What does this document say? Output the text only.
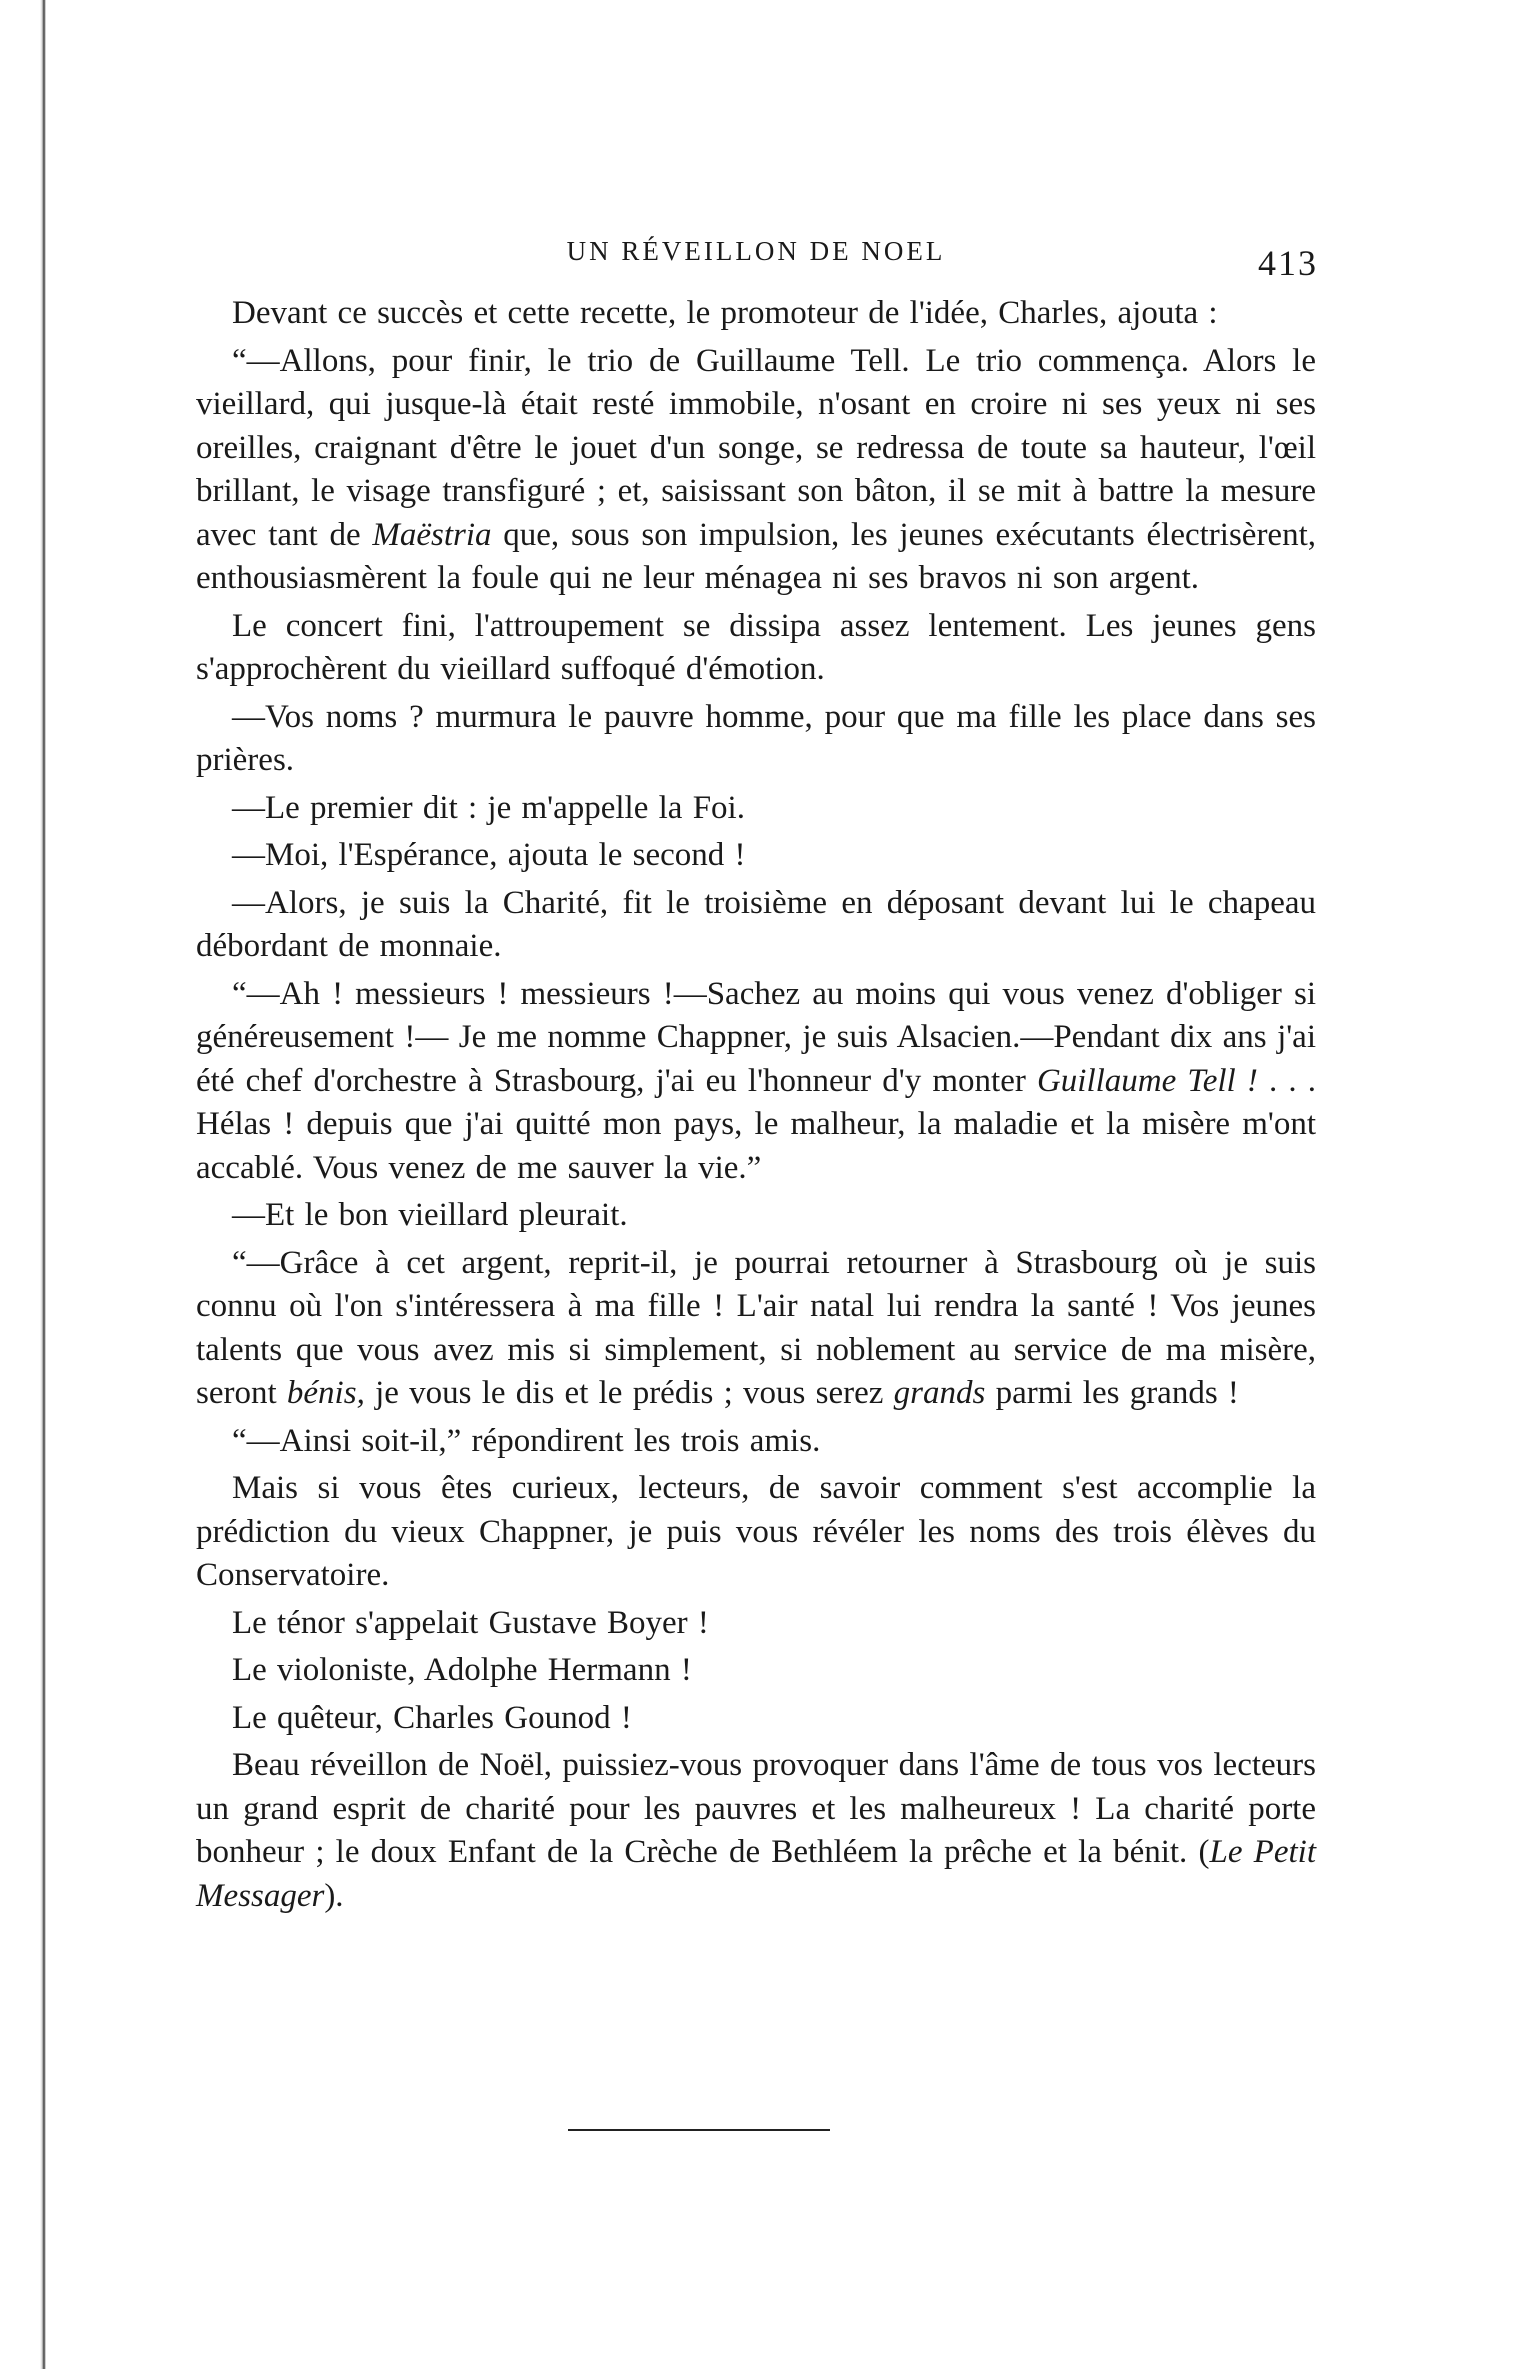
UN RÉVEILLON DE NOEL	413

Devant ce succès et cette recette, le promoteur de l'idée, Charles, ajouta :

“—Allons, pour finir, le trio de Guillaume Tell. Le trio commença. Alors le vieillard, qui jusque-là était resté immobile, n'osant en croire ni ses yeux ni ses oreilles, craignant d'être le jouet d'un songe, se redressa de toute sa hauteur, l'œil brillant, le visage transfiguré ; et, saisissant son bâton, il se mit à battre la mesure avec tant de Maëstria que, sous son impulsion, les jeunes exécutants électrisèrent, enthousiasmèrent la foule qui ne leur ménagea ni ses bravos ni son argent.

Le concert fini, l'attroupement se dissipa assez lentement. Les jeunes gens s'approchèrent du vieillard suffoqué d'émotion.

—Vos noms ? murmura le pauvre homme, pour que ma fille les place dans ses prières.

—Le premier dit : je m'appelle la Foi.

—Moi, l'Espérance, ajouta le second !

—Alors, je suis la Charité, fit le troisième en déposant devant lui le chapeau débordant de monnaie.

“—Ah ! messieurs ! messieurs !—Sachez au moins qui vous venez d'obliger si généreusement !— Je me nomme Chappner, je suis Alsacien.—Pendant dix ans j'ai été chef d'orchestre à Strasbourg, j'ai eu l'honneur d'y monter Guillaume Tell ! . . . Hélas ! depuis que j'ai quitté mon pays, le malheur, la maladie et la misère m'ont accablé. Vous venez de me sauver la vie.”

—Et le bon vieillard pleurait.

“—Grâce à cet argent, reprit-il, je pourrai retourner à Strasbourg où je suis connu où l'on s'intéressera à ma fille ! L'air natal lui rendra la santé ! Vos jeunes talents que vous avez mis si simplement, si noblement au service de ma misère, seront bénis, je vous le dis et le prédis ; vous serez grands parmi les grands !

“—Ainsi soit-il,” répondirent les trois amis.

Mais si vous êtes curieux, lecteurs, de savoir comment s'est accomplie la prédiction du vieux Chappner, je puis vous révéler les noms des trois élèves du Conservatoire.

Le ténor s'appelait Gustave Boyer !

Le violoniste, Adolphe Hermann !

Le quêteur, Charles Gounod !

Beau réveillon de Noël, puissiez-vous provoquer dans l'âme de tous vos lecteurs un grand esprit de charité pour les pauvres et les malheureux ! La charité porte bonheur ; le doux Enfant de la Crèche de Bethléem la prêche et la bénit. (Le Petit Messager).
